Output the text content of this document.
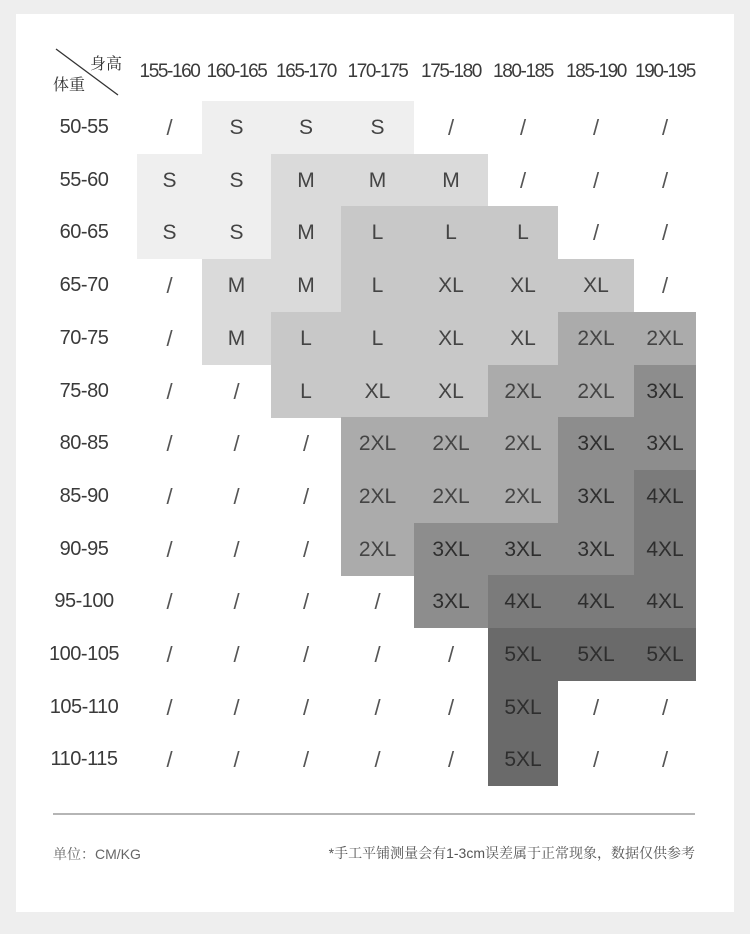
身高
体重
155-160 160-165 165-170 170-175 175-180 180-185 185-190 190-195
50-55	/	S	S	S	/	/	/	/
55-60	S	S	M	M	M	/	/	/
60-65	S	S	M	L	L	L	/	/
65-70	/	M	M	L	XL	XL	XL	/
70-75	/	M	L	L	XL	XL	2XL	2XL
75-80	/	/	L	XL	XL	2XL	2XL	3XL
80-85	/	/	/	2XL	2XL	2XL	3XL	3XL
85-90	/	/	/	2XL	2XL	2XL	3XL	4XL
90-95	/	/	/	2XL	3XL	3XL	3XL	4XL
95-100	/	/	/	/	3XL	4XL	4XL	4XL
100-105	/	/	/	/	/	5XL	5XL	5XL
105-110	/	/	/	/	/	5XL	/	/
110-115	/	/	/	/	/	5XL	/	/
单位：CM/KG	*手工平铺测量会有1-3cm误差属于正常现象，数据仅供参考
